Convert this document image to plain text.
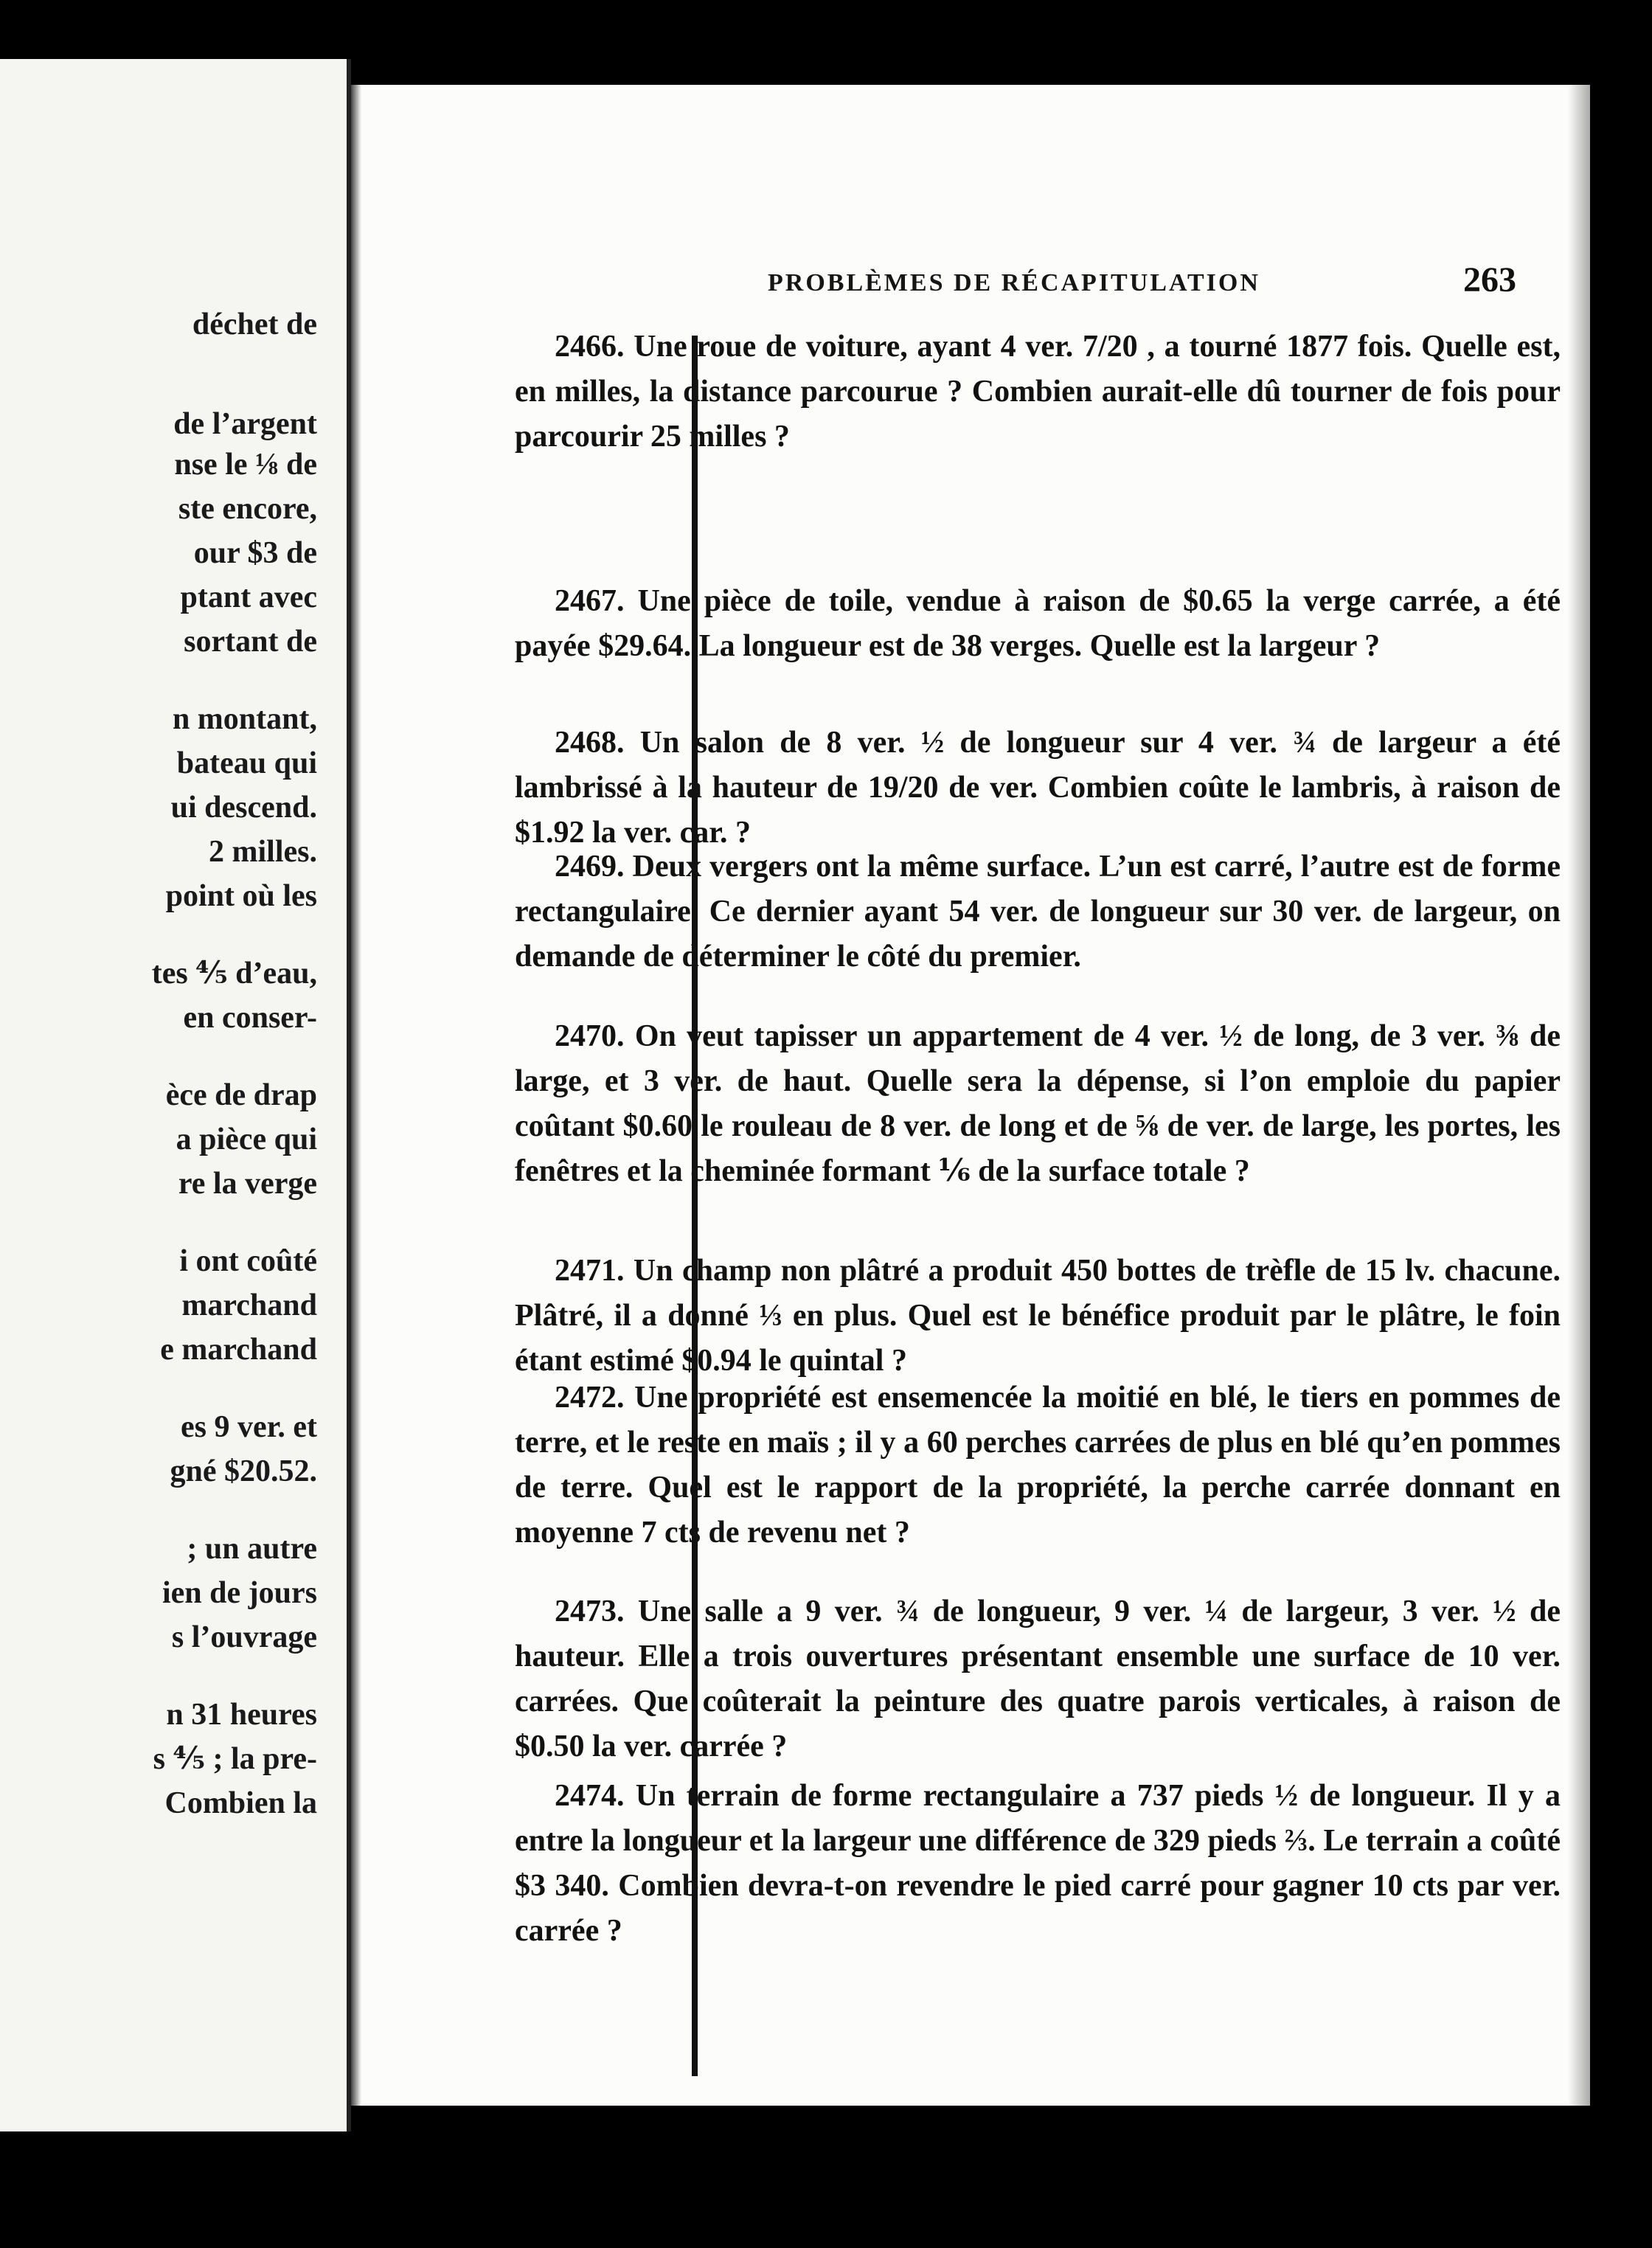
déchet de
de l’argent
nse le ⅛ de
ste encore,
our $3 de
ptant avec
sortant de
n montant,
bateau qui
ui descend.
2 milles.
point où les
tes ⅘ d’eau,
en conser-
èce de drap
a pièce qui
re la verge
i ont coûté
marchand
e marchand
es 9 ver. et
gné $20.52.
; un autre
ien de jours
s l’ouvrage
n 31 heures
s ⅘ ; la pre-
Combien la
PROBLÈMES DE RÉCAPITULATION	263
2466. Une roue de voiture, ayant 4 ver. 7/20 , a tourné 1877 fois. Quelle est, en milles, la distance parcourue ? Combien aurait-elle dû tourner de fois pour parcourir 25 milles ?
2467. Une pièce de toile, vendue à raison de $0.65 la verge carrée, a été payée $29.64. La longueur est de 38 verges. Quelle est la largeur ?
2468. Un salon de 8 ver. ½ de longueur sur 4 ver. ¾ de largeur a été lambrissé à la hauteur de 19/20 de ver. Combien coûte le lambris, à raison de $1.92 la ver. car. ?
2469. Deux vergers ont la même surface. L’un est carré, l’autre est de forme rectangulaire. Ce dernier ayant 54 ver. de longueur sur 30 ver. de largeur, on demande de déterminer le côté du premier.
2470. On veut tapisser un appartement de 4 ver. ½ de long, de 3 ver. ⅜ de large, et 3 ver. de haut. Quelle sera la dépense, si l’on emploie du papier coûtant $0.60 le rouleau de 8 ver. de long et de ⅝ de ver. de large, les portes, les fenêtres et la cheminée formant ⅙ de la surface totale ?
2471. Un champ non plâtré a produit 450 bottes de trèfle de 15 lv. chacune. Plâtré, il a donné ⅓ en plus. Quel est le bénéfice produit par le plâtre, le foin étant estimé $0.94 le quintal ?
2472. Une propriété est ensemencée la moitié en blé, le tiers en pommes de terre, et le reste en maïs ; il y a 60 perches carrées de plus en blé qu’en pommes de terre. Quel est le rapport de la propriété, la perche carrée donnant en moyenne 7 cts de revenu net ?
2473. Une salle a 9 ver. ¾ de longueur, 9 ver. ¼ de largeur, 3 ver. ½ de hauteur. Elle a trois ouvertures présentant ensemble une surface de 10 ver. carrées. Que coûterait la peinture des quatre parois verticales, à raison de $0.50 la ver. carrée ?
2474. Un terrain de forme rectangulaire a 737 pieds ½ de longueur. Il y a entre la longueur et la largeur une différence de 329 pieds ⅔. Le terrain a coûté $3 340. Combien devra-t-on revendre le pied carré pour gagner 10 cts par ver. carrée ?
